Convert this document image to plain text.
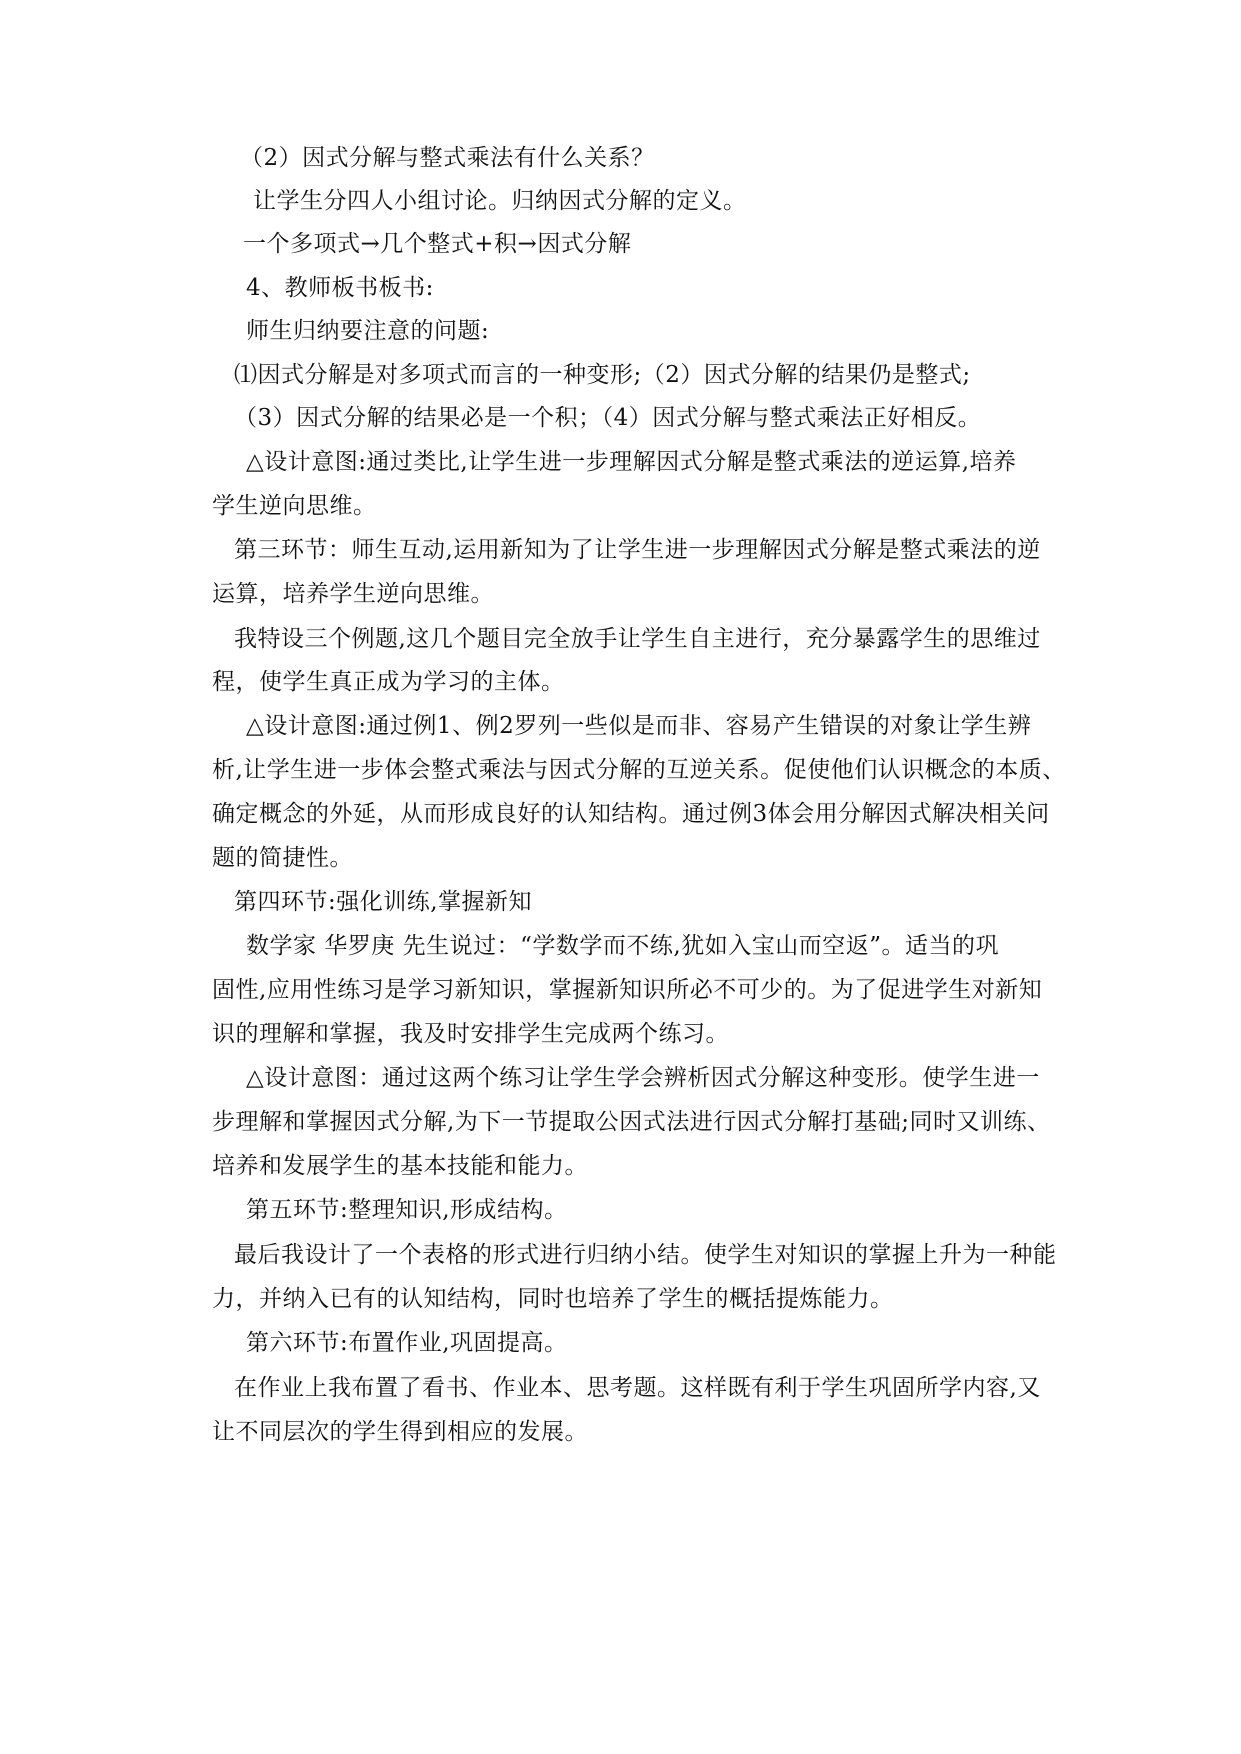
（2）因式分解与整式乘法有什么关系？
让学生分四人小组讨论。归纳因式分解的定义。
一个多项式→几个整式+积→因式分解
4、教师板书板书:
师生归纳要注意的问题:
⑴因式分解是对多项式而言的一种变形;（2）因式分解的结果仍是整式;
（3）因式分解的结果必是一个积；（4）因式分解与整式乘法正好相反。
△设计意图:通过类比,让学生进一步理解因式分解是整式乘法的逆运算,培养
学生逆向思维。
第三环节：师生互动,运用新知为了让学生进一步理解因式分解是整式乘法的逆
运算，培养学生逆向思维。
我特设三个例题,这几个题目完全放手让学生自主进行，充分暴露学生的思维过
程，使学生真正成为学习的主体。
△设计意图:通过例1、例2罗列一些似是而非、容易产生错误的对象让学生辨
析,让学生进一步体会整式乘法与因式分解的互逆关系。促使他们认识概念的本质、
确定概念的外延，从而形成良好的认知结构。通过例3体会用分解因式解决相关问
题的简捷性。
第四环节:强化训练,掌握新知
数学家 华罗庚 先生说过：“学数学而不练,犹如入宝山而空返”。适当的巩
固性,应用性练习是学习新知识，掌握新知识所必不可少的。为了促进学生对新知
识的理解和掌握，我及时安排学生完成两个练习。
△设计意图：通过这两个练习让学生学会辨析因式分解这种变形。使学生进一
步理解和掌握因式分解,为下一节提取公因式法进行因式分解打基础;同时又训练、
培养和发展学生的基本技能和能力。
第五环节:整理知识,形成结构。
最后我设计了一个表格的形式进行归纳小结。使学生对知识的掌握上升为一种能
力，并纳入已有的认知结构，同时也培养了学生的概括提炼能力。
第六环节:布置作业,巩固提高。
在作业上我布置了看书、作业本、思考题。这样既有利于学生巩固所学内容,又
让不同层次的学生得到相应的发展。
